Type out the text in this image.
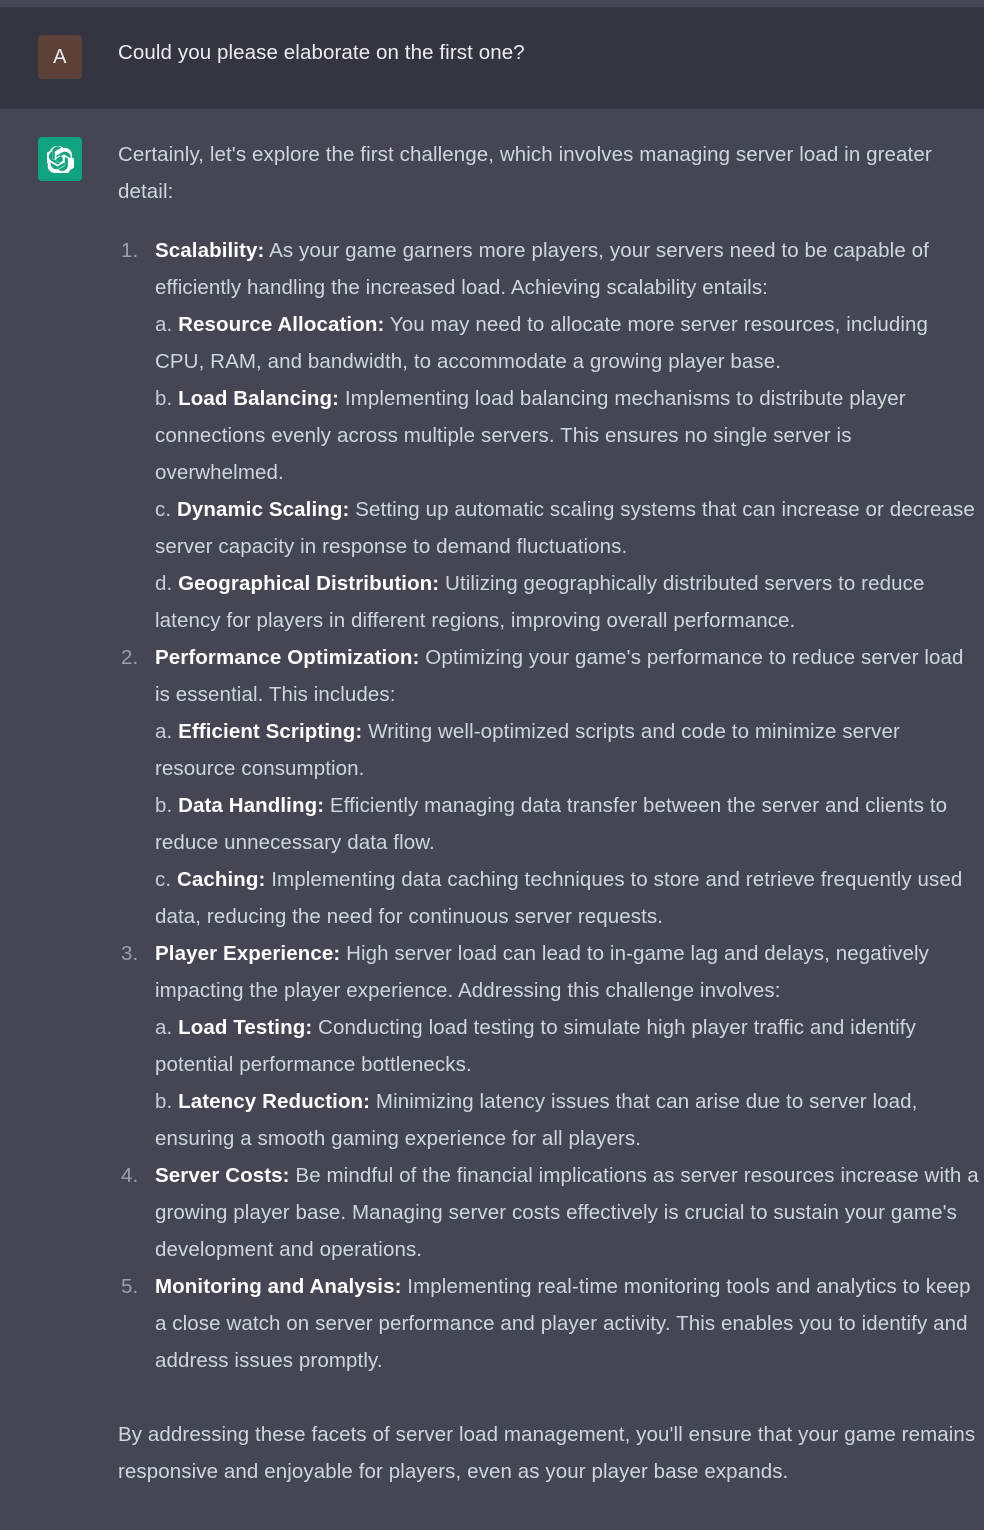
A Could you please elaborate on the first one?
Certainly, let's explore the first challenge, which involves managing server load in greater detail:
Scalability: As your game garners more players, your servers need to be capable of efficiently handling the increased load. Achieving scalability entails:
a. Resource Allocation: You may need to allocate more server resources, including CPU, RAM, and bandwidth, to accommodate a growing player base.
b. Load Balancing: Implementing load balancing mechanisms to distribute player connections evenly across multiple servers. This ensures no single server is overwhelmed.
c. Dynamic Scaling: Setting up automatic scaling systems that can increase or decrease server capacity in response to demand fluctuations.
d. Geographical Distribution: Utilizing geographically distributed servers to reduce latency for players in different regions, improving overall performance.
Performance Optimization: Optimizing your game's performance to reduce server load is essential. This includes:
a. Efficient Scripting: Writing well-optimized scripts and code to minimize server resource consumption.
b. Data Handling: Efficiently managing data transfer between the server and clients to reduce unnecessary data flow.
c. Caching: Implementing data caching techniques to store and retrieve frequently used data, reducing the need for continuous server requests.
Player Experience: High server load can lead to in-game lag and delays, negatively impacting the player experience. Addressing this challenge involves:
a. Load Testing: Conducting load testing to simulate high player traffic and identify potential performance bottlenecks.
b. Latency Reduction: Minimizing latency issues that can arise due to server load, ensuring a smooth gaming experience for all players.
Server Costs: Be mindful of the financial implications as server resources increase with a growing player base. Managing server costs effectively is crucial to sustain your game's development and operations.
Monitoring and Analysis: Implementing real-time monitoring tools and analytics to keep a close watch on server performance and player activity. This enables you to identify and address issues promptly.
By addressing these facets of server load management, you'll ensure that your game remains responsive and enjoyable for players, even as your player base expands.
